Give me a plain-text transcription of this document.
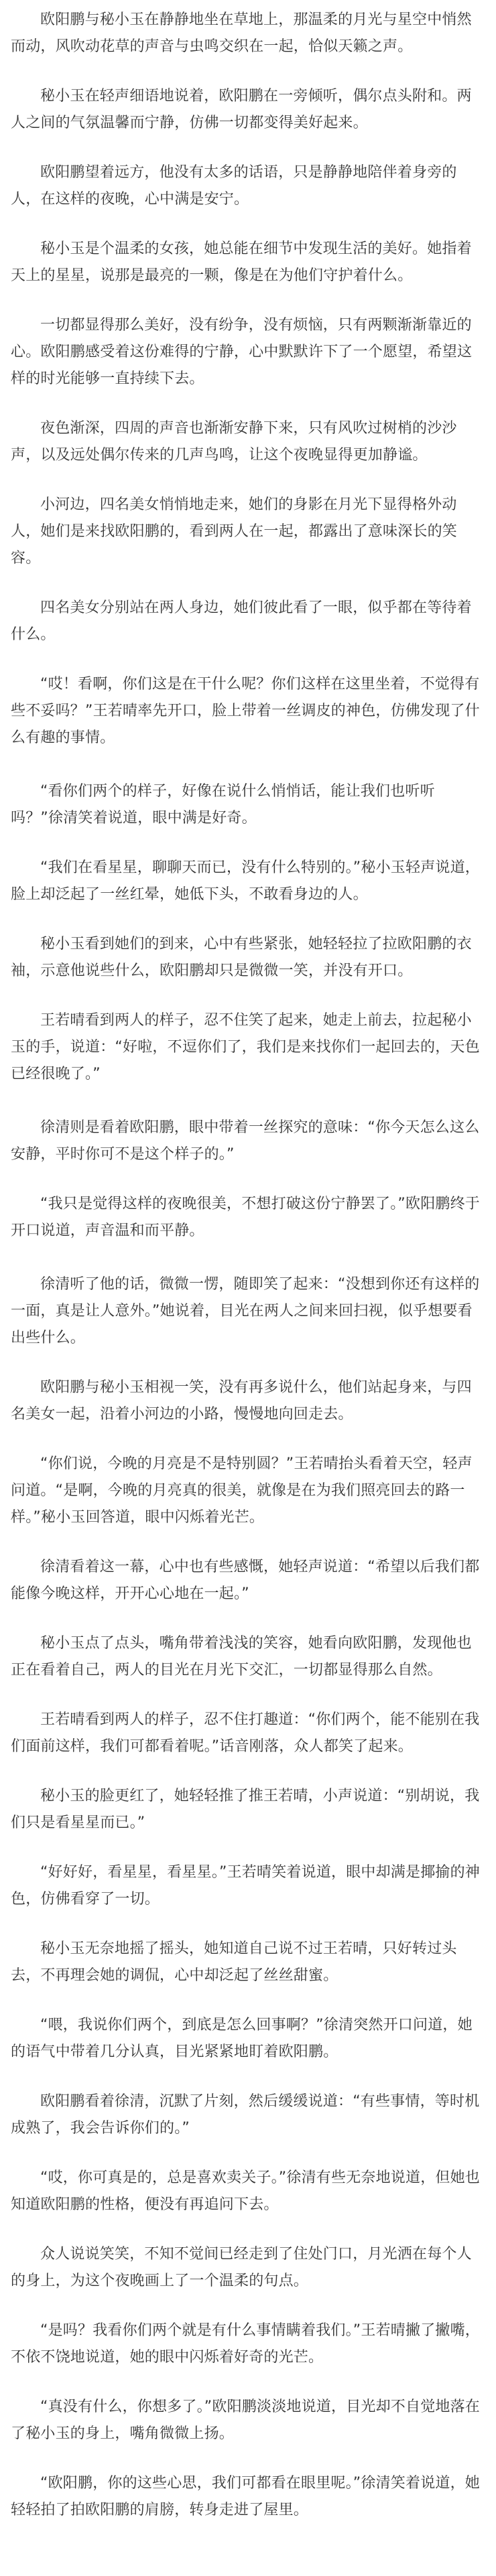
欧阳鹏与秘小玉在静静地坐在草地上，那温柔的月光与星空中悄然而动，风吹动花草的声音与虫鸣交织在一起，恰似天籁之声。

秘小玉在轻声细语地说着，欧阳鹏在一旁倾听，偶尔点头附和。两人之间的气氛温馨而宁静，仿佛一切都变得美好起来。

欧阳鹏望着远方，他没有太多的话语，只是静静地陪伴着身旁的人，在这样的夜晚，心中满是安宁。

秘小玉是个温柔的女孩，她总能在细节中发现生活的美好。她指着天上的星星，说那是最亮的一颗，像是在为他们守护着什么。

一切都显得那么美好，没有纷争，没有烦恼，只有两颗渐渐靠近的心。欧阳鹏感受着这份难得的宁静，心中默默许下了一个愿望，希望这样的时光能够一直持续下去。

夜色渐深，四周的声音也渐渐安静下来，只有风吹过树梢的沙沙声，以及远处偶尔传来的几声鸟鸣，让这个夜晚显得更加静谧。

小河边，四名美女悄悄地走来，她们的身影在月光下显得格外动人，她们是来找欧阳鹏的，看到两人在一起，都露出了意味深长的笑容。

四名美女分别站在两人身边，她们彼此看了一眼，似乎都在等待着什么。

“哎！看啊，你们这是在干什么呢？你们这样在这里坐着，不觉得有些不妥吗？”王若晴率先开口，脸上带着一丝调皮的神色，仿佛发现了什么有趣的事情。

“看你们两个的样子，好像在说什么悄悄话，能让我们也听听吗？”徐清笑着说道，眼中满是好奇。

“我们在看星星，聊聊天而已，没有什么特别的。”秘小玉轻声说道，脸上却泛起了一丝红晕，她低下头，不敢看身边的人。

秘小玉看到她们的到来，心中有些紧张，她轻轻拉了拉欧阳鹏的衣袖，示意他说些什么，欧阳鹏却只是微微一笑，并没有开口。

王若晴看到两人的样子，忍不住笑了起来，她走上前去，拉起秘小玉的手，说道：“好啦，不逗你们了，我们是来找你们一起回去的，天色已经很晚了。”

徐清则是看着欧阳鹏，眼中带着一丝探究的意味：“你今天怎么这么安静，平时你可不是这个样子的。”

“我只是觉得这样的夜晚很美，不想打破这份宁静罢了。”欧阳鹏终于开口说道，声音温和而平静。

徐清听了他的话，微微一愣，随即笑了起来：“没想到你还有这样的一面，真是让人意外。”她说着，目光在两人之间来回扫视，似乎想要看出些什么。

欧阳鹏与秘小玉相视一笑，没有再多说什么，他们站起身来，与四名美女一起，沿着小河边的小路，慢慢地向回走去。

“你们说，今晚的月亮是不是特别圆？”王若晴抬头看着天空，轻声问道。“是啊，今晚的月亮真的很美，就像是在为我们照亮回去的路一样。”秘小玉回答道，眼中闪烁着光芒。

徐清看着这一幕，心中也有些感慨，她轻声说道：“希望以后我们都能像今晚这样，开开心心地在一起。”

秘小玉点了点头，嘴角带着浅浅的笑容，她看向欧阳鹏，发现他也正在看着自己，两人的目光在月光下交汇，一切都显得那么自然。

王若晴看到两人的样子，忍不住打趣道：“你们两个，能不能别在我们面前这样，我们可都看着呢。”话音刚落，众人都笑了起来。

秘小玉的脸更红了，她轻轻推了推王若晴，小声说道：“别胡说，我们只是看星星而已。”

“好好好，看星星，看星星。”王若晴笑着说道，眼中却满是揶揄的神色，仿佛看穿了一切。

秘小玉无奈地摇了摇头，她知道自己说不过王若晴，只好转过头去，不再理会她的调侃，心中却泛起了丝丝甜蜜。

“喂，我说你们两个，到底是怎么回事啊？”徐清突然开口问道，她的语气中带着几分认真，目光紧紧地盯着欧阳鹏。

欧阳鹏看着徐清，沉默了片刻，然后缓缓说道：“有些事情，等时机成熟了，我会告诉你们的。”

“哎，你可真是的，总是喜欢卖关子。”徐清有些无奈地说道，但她也知道欧阳鹏的性格，便没有再追问下去。

众人说说笑笑，不知不觉间已经走到了住处门口，月光洒在每个人的身上，为这个夜晚画上了一个温柔的句点。

“是吗？我看你们两个就是有什么事情瞒着我们。”王若晴撇了撇嘴，不依不饶地说道，她的眼中闪烁着好奇的光芒。

“真没有什么，你想多了。”欧阳鹏淡淡地说道，目光却不自觉地落在了秘小玉的身上，嘴角微微上扬。

“欧阳鹏，你的这些心思，我们可都看在眼里呢。”徐清笑着说道，她轻轻拍了拍欧阳鹏的肩膀，转身走进了屋里。
